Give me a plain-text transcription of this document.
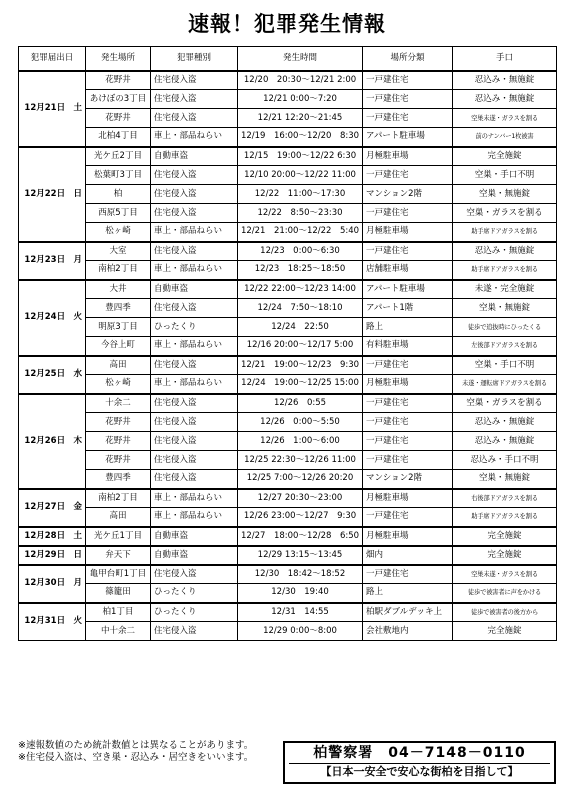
速報！犯罪発生情報
犯罪届出日		発生場所	犯罪種別	発生時間	場所分類	手口
12月21日	土	花野井	住宅侵入盗	12/20　20:30～12/21 2:00	一戸建住宅	忍込み・無施錠
		あけぼの3丁目	住宅侵入盗	12/21 0:00～7:20	一戸建住宅	忍込み・無施錠
		花野井	住宅侵入盗	12/21 12:20～21:45	一戸建住宅	空巣未遂・ガラスを割る
		北柏4丁目	車上・部品ねらい	12/19　16:00～12/20　8:30	アパート駐車場	前のナンバー1枚被害
12月22日	日	光ケ丘2丁目	自動車盗	12/15　19:00～12/22 6:30	月極駐車場	完全施錠
		松葉町3丁目	住宅侵入盗	12/10 20:00～12/22 11:00	一戸建住宅	空巣・手口不明
		柏	住宅侵入盗	12/22　11:00～17:30	マンション2階	空巣・無施錠
		西原5丁目	住宅侵入盗	12/22　8:50～23:30	一戸建住宅	空巣・ガラスを割る
		松ヶ崎	車上・部品ねらい	12/21　21:00～12/22　5:40	月極駐車場	助手席ドアガラスを割る
12月23日	月	大室	住宅侵入盗	12/23　0:00～6:30	一戸建住宅	忍込み・無施錠
		南柏2丁目	車上・部品ねらい	12/23　18:25～18:50	店舗駐車場	助手席ドアガラスを割る
12月24日	火	大井	自動車盗	12/22 22:00～12/23 14:00	アパート駐車場	未遂・完全施錠
		豊四季	住宅侵入盗	12/24　7:50～18:10	アパート1階	空巣・無施錠
		明原3丁目	ひったくり	12/24　22:50	路上	徒歩で追抜時にひったくる
		今谷上町	車上・部品ねらい	12/16 20:00～12/17 5:00	有料駐車場	左後部ドアガラスを割る
12月25日	水	高田	住宅侵入盗	12/21　19:00～12/23　9:30	一戸建住宅	空巣・手口不明
		松ヶ崎	車上・部品ねらい	12/24　19:00～12/25 15:00	月極駐車場	未遂・運転席ドアガラスを割る
12月26日	木	十余二	住宅侵入盗	12/26　0:55	一戸建住宅	空巣・ガラスを割る
		花野井	住宅侵入盗	12/26　0:00～5:50	一戸建住宅	忍込み・無施錠
		花野井	住宅侵入盗	12/26　1:00～6:00	一戸建住宅	忍込み・無施錠
		花野井	住宅侵入盗	12/25 22:30～12/26 11:00	一戸建住宅	忍込み・手口不明
		豊四季	住宅侵入盗	12/25 7:00～12/26 20:20	マンション2階	空巣・無施錠
12月27日	金	南柏2丁目	車上・部品ねらい	12/27 20:30～23:00	月極駐車場	右後部ドアガラスを割る
		高田	車上・部品ねらい	12/26 23:00～12/27　9:30	一戸建住宅	助手席ドアガラスを割る
12月28日	土	光ケ丘1丁目	自動車盗	12/27　18:00～12/28　6:50	月極駐車場	完全施錠
12月29日	日	弁天下	自動車盗	12/29 13:15～13:45	畑内	完全施錠
12月30日	月	亀甲台町1丁目	住宅侵入盗	12/30　18:42～18:52	一戸建住宅	空巣未遂・ガラスを割る
		篠籠田	ひったくり	12/30　19:40	路上	徒歩で被害者に声をかける
12月31日	火	柏1丁目	ひったくり	12/31　14:55	柏駅ダブルデッキ上	徒歩で被害者の後方から
		中十余二	住宅侵入盗	12/29 0:00～8:00	会社敷地内	完全施錠
※速報数値のため統計数値とは異なることがあります。
※住宅侵入盗は、空き巣・忍込み・居空きをいいます。	柏警察署　04－7148－0110
【日本一安全で安心な街柏を目指して】
